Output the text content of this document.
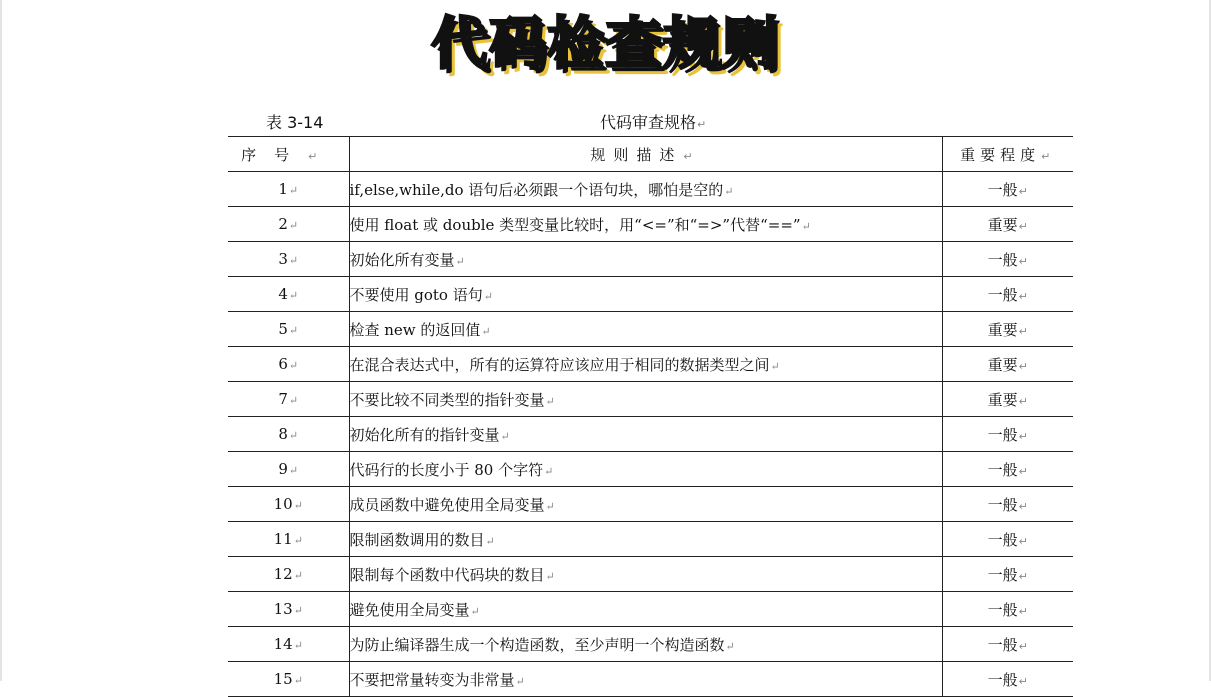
代码检查规则
表 3-14	代码审查规格↵
序号↵	规则描述↵	重要程度↵
1↵	if,else,while,do 语句后必须跟一个语句块，哪怕是空的↵	一般↵
2↵	使用 float 或 double 类型变量比较时，用“<=”和“=>”代替“==”↵	重要↵
3↵	初始化所有变量↵	一般↵
4↵	不要使用 goto 语句↵	一般↵
5↵	检查 new 的返回值↵	重要↵
6↵	在混合表达式中，所有的运算符应该应用于相同的数据类型之间↵	重要↵
7↵	不要比较不同类型的指针变量↵	重要↵
8↵	初始化所有的指针变量↵	一般↵
9↵	代码行的长度小于 80 个字符↵	一般↵
10↵	成员函数中避免使用全局变量↵	一般↵
11↵	限制函数调用的数目↵	一般↵
12↵	限制每个函数中代码块的数目↵	一般↵
13↵	避免使用全局变量↵	一般↵
14↵	为防止编译器生成一个构造函数，至少声明一个构造函数↵	一般↵
15↵	不要把常量转变为非常量↵	一般↵
